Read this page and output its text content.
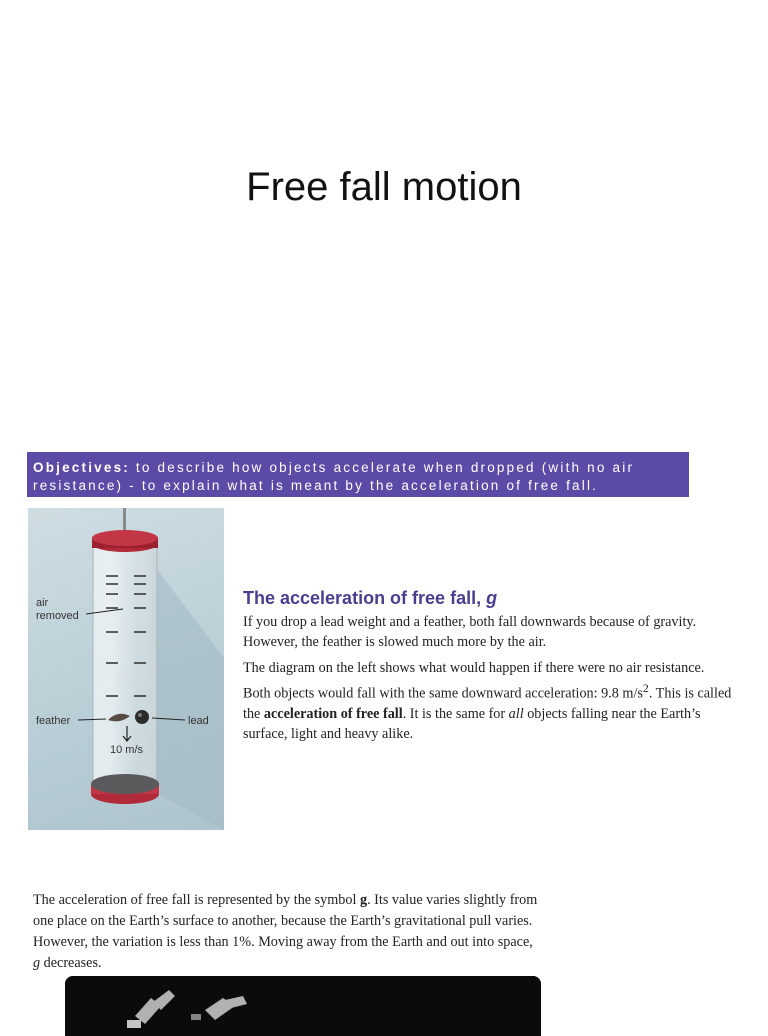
Free fall motion
Objectives: to describe how objects accelerate when dropped (with no air
resistance) - to explain what is meant by the acceleration of free fall.
air
removed
feather	lead
10 m/s
The acceleration of free fall, g

If you drop a lead weight and a feather, both fall downwards because of gravity. However, the feather is slowed much more by the air.

The diagram on the left shows what would happen if there were no air resistance. Both objects would fall with the same downward acceleration: 9.8 $m/s^2$. This is called the acceleration of free fall. It is the same for all objects falling near the Earth’s surface, light and heavy alike.

The acceleration of free fall is represented by the symbol g. Its value varies slightly from one place on the Earth’s surface to another, because the Earth’s gravitational pull varies. However, the variation is less than 1%. Moving away from the Earth and out into space, g decreases.
